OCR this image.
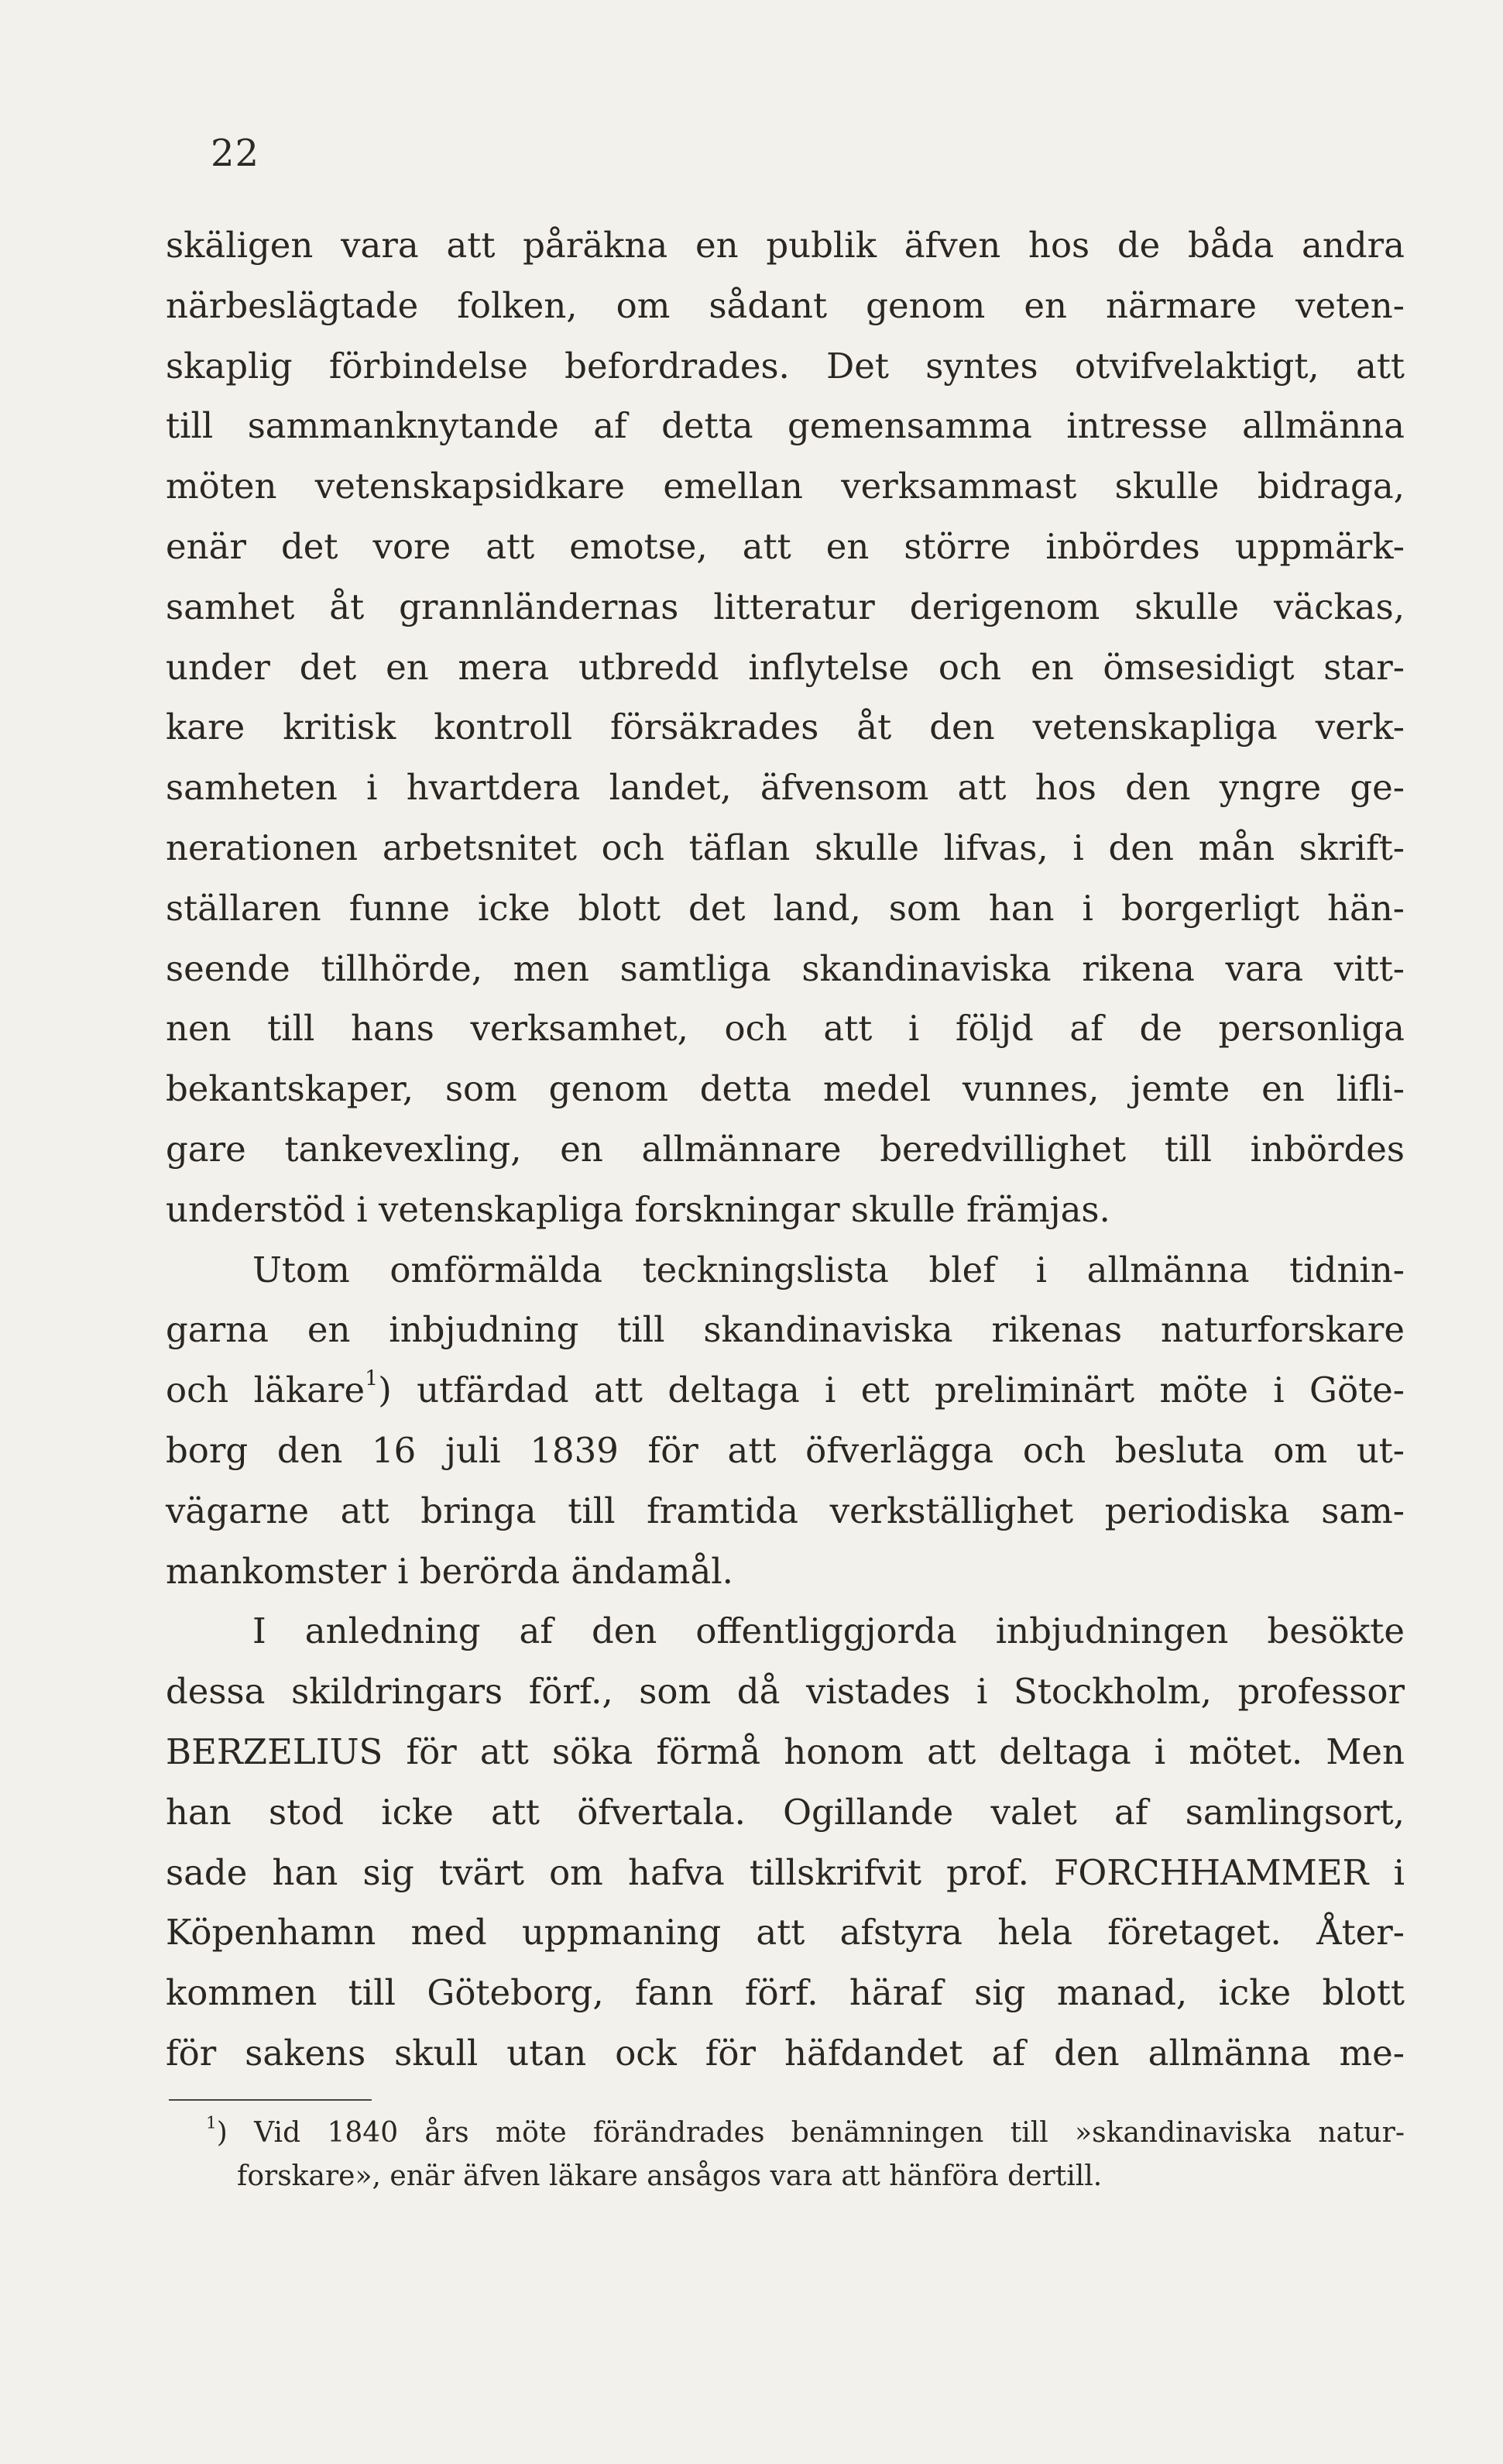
22
skäligen vara att påräkna en publik äfven hos de båda andra
närbeslägtade folken, om sådant genom en närmare veten-
skaplig förbindelse befordrades. Det syntes otvifvelaktigt, att
till sammanknytande af detta gemensamma intresse allmänna
möten vetenskapsidkare emellan verksammast skulle bidraga,
enär det vore att emotse, att en större inbördes uppmärk-
samhet åt grannländernas litteratur derigenom skulle väckas,
under det en mera utbredd inflytelse och en ömsesidigt star-
kare kritisk kontroll försäkrades åt den vetenskapliga verk-
samheten i hvartdera landet, äfvensom att hos den yngre ge-
nerationen arbetsnitet och täflan skulle lifvas, i den mån skrift-
ställaren funne icke blott det land, som han i borgerligt hän-
seende tillhörde, men samtliga skandinaviska rikena vara vitt-
nen till hans verksamhet, och att i följd af de personliga
bekantskaper, som genom detta medel vunnes, jemte en lifli-
gare tankevexling, en allmännare beredvillighet till inbördes
understöd i vetenskapliga forskningar skulle främjas.
Utom omförmälda teckningslista blef i allmänna tidnin-
garna en inbjudning till skandinaviska rikenas naturforskare
och läkare$^1$) utfärdad att deltaga i ett preliminärt möte i Göte-
borg den 16 juli 1839 för att öfverlägga och besluta om ut-
vägarne att bringa till framtida verkställighet periodiska sam-
mankomster i berörda ändamål.
I anledning af den offentliggjorda inbjudningen besökte
dessa skildringars förf., som då vistades i Stockholm, professor
BERZELIUS för att söka förmå honom att deltaga i mötet. Men
han stod icke att öfvertala. Ogillande valet af samlingsort,
sade han sig tvärt om hafva tillskrifvit prof. FORCHHAMMER i
Köpenhamn med uppmaning att afstyra hela företaget. Åter-
kommen till Göteborg, fann förf. häraf sig manad, icke blott
för sakens skull utan ock för häfdandet af den allmänna me-
$^1$) Vid 1840 års möte förändrades benämningen till »skandinaviska natur-
forskare», enär äfven läkare ansågos vara att hänföra dertill.
